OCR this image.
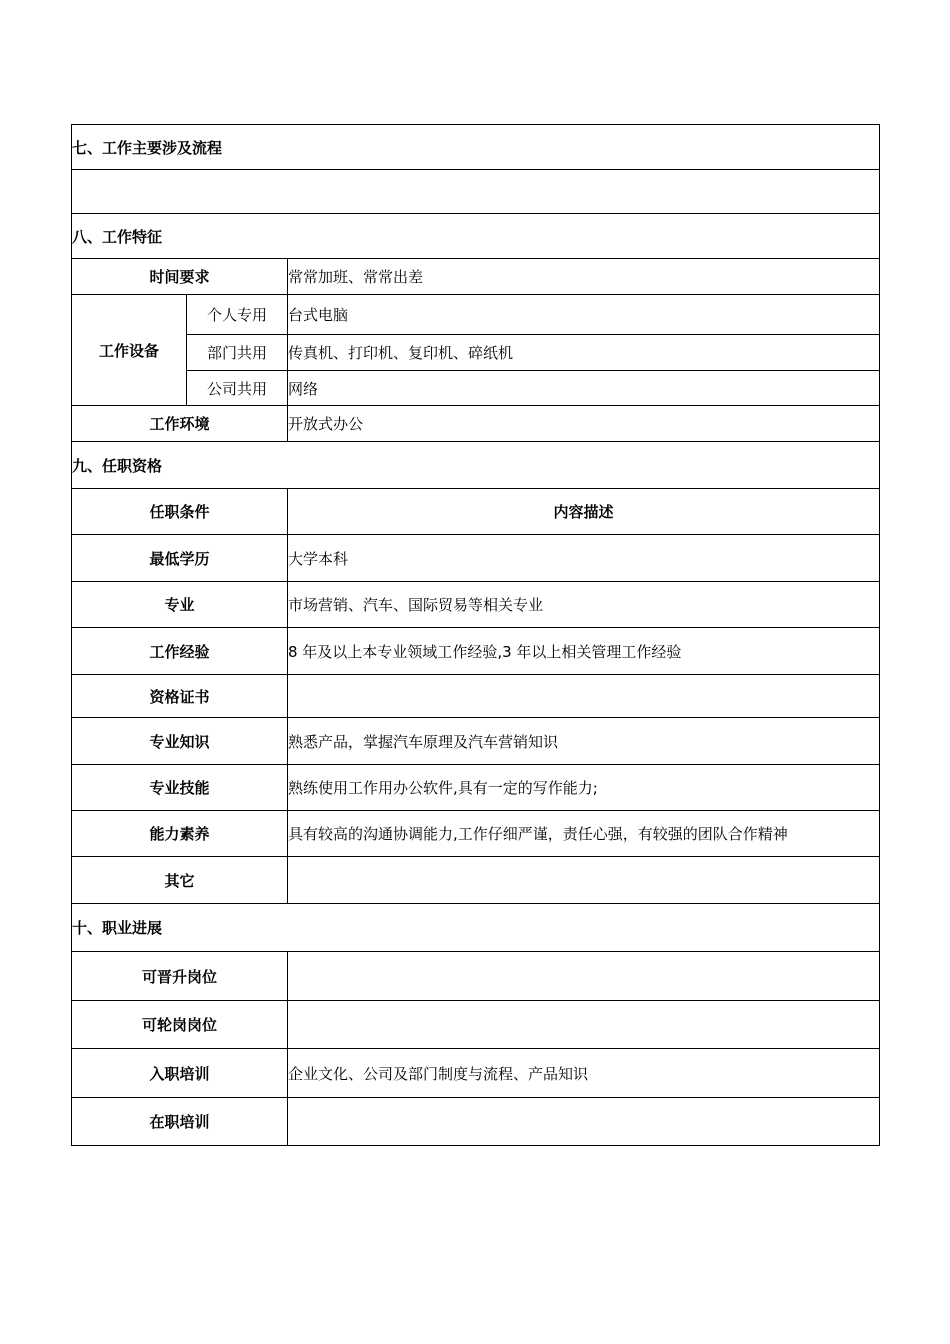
七、工作主要涉及流程		

八、工作特征		
时间要求		常常加班、常常出差
工作设备	个人专用	台式电脑
	部门共用	传真机、打印机、复印机、碎纸机
	公司共用	网络
工作环境		开放式办公
九、任职资格		
任职条件		内容描述
最低学历		大学本科
专业		市场营销、汽车、国际贸易等相关专业
工作经验		8 年及以上本专业领域工作经验,3 年以上相关管理工作经验
资格证书		
专业知识		熟悉产品，掌握汽车原理及汽车营销知识
专业技能		熟练使用工作用办公软件,具有一定的写作能力;
能力素养		具有较高的沟通协调能力,工作仔细严谨，责任心强，有较强的团队合作精神
其它		
十、职业进展		
可晋升岗位		
可轮岗岗位		
入职培训		企业文化、公司及部门制度与流程、产品知识
在职培训		
